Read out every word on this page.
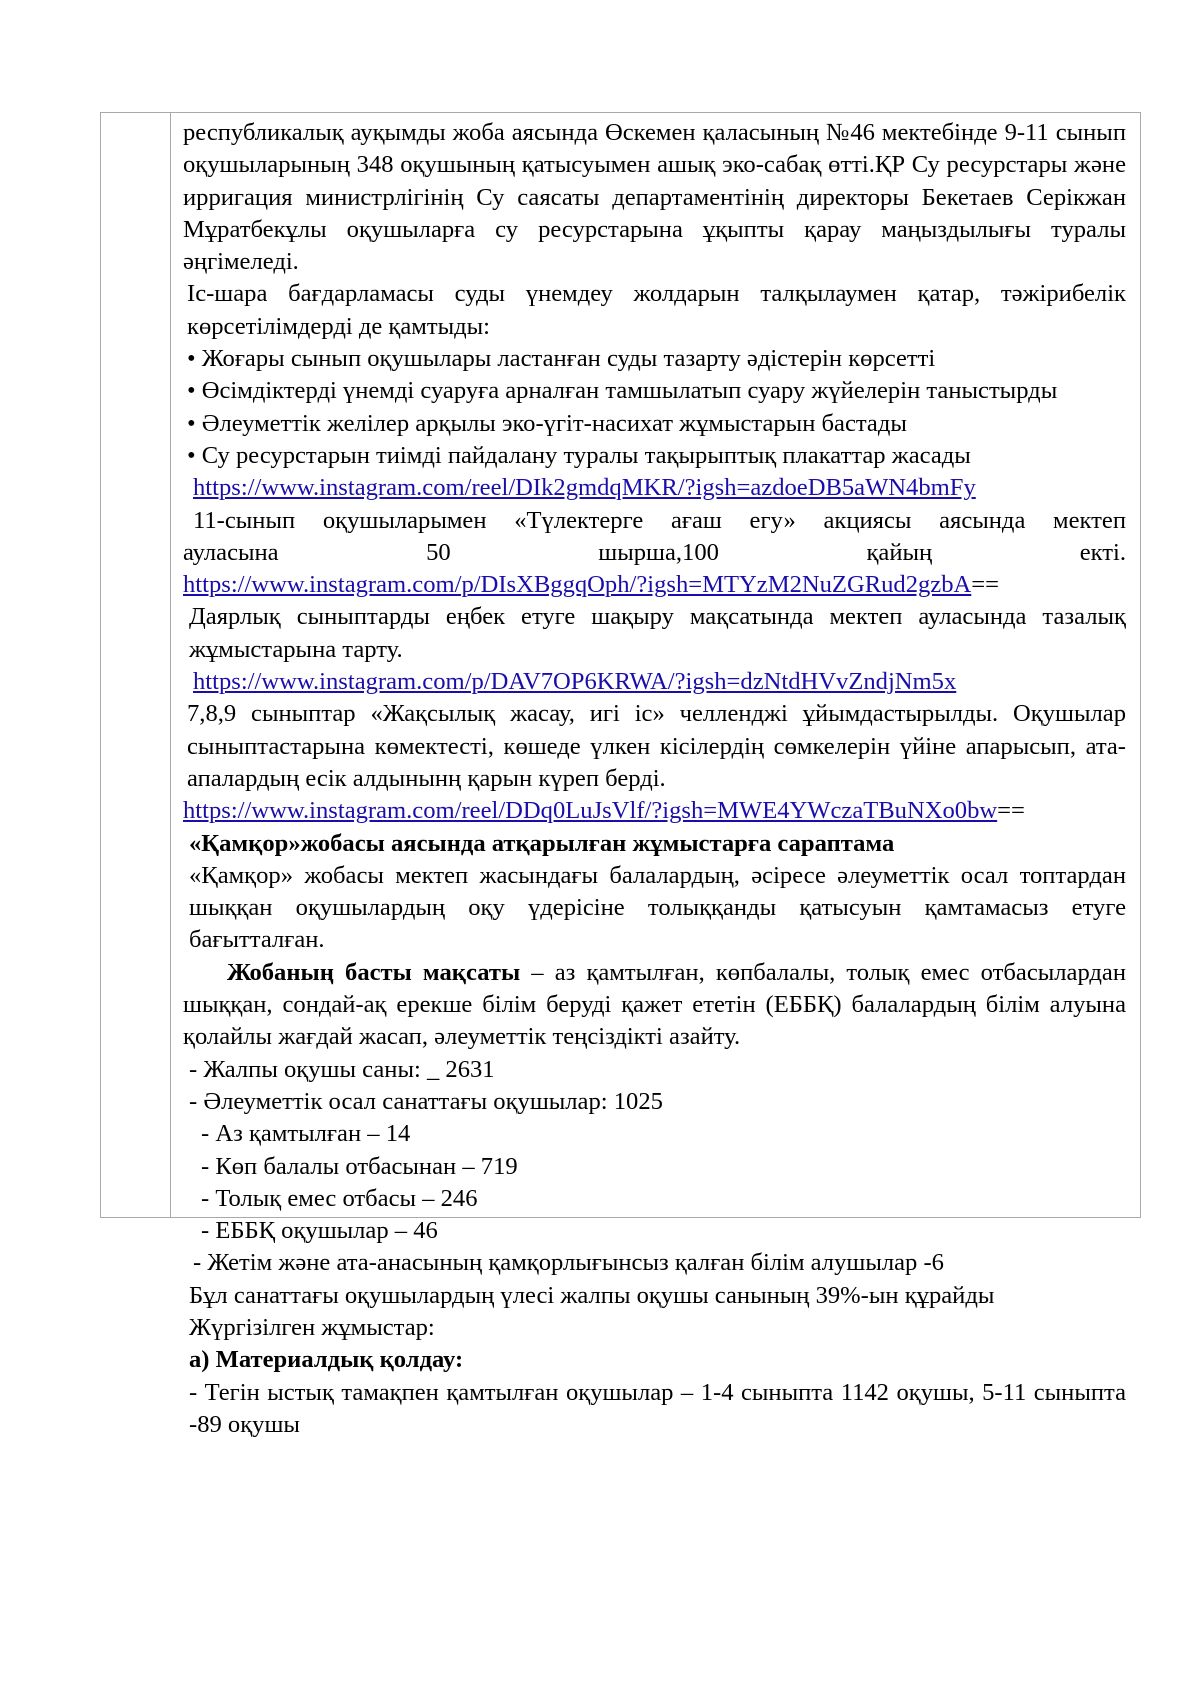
республикалық ауқымды жоба аясында Өскемен қаласының №46 мектебінде 9-11 сынып оқушыларының 348 оқушының қатысуымен ашық эко-сабақ өтті.ҚР Су ресурстары және ирригация министрлігінің Су саясаты департаментінің директоры Бекетаев Серікжан Мұратбекұлы оқушыларға су ресурстарына ұқыпты қарау маңыздылығы туралы әңгімеледі.

Іс-шара бағдарламасы суды үнемдеу жолдарын талқылаумен қатар, тәжірибелік көрсетілімдерді де қамтыды:

• Жоғары сынып оқушылары ластанған суды тазарту әдістерін көрсетті

• Өсімдіктерді үнемді суаруға арналған тамшылатып суару жүйелерін таныстырды

• Әлеуметтік желілер арқылы эко-үгіт-насихат жұмыстарын бастады

• Су ресурстарын тиімді пайдалану туралы тақырыптық плакаттар жасады

https://www.instagram.com/reel/DIk2gmdqMKR/?igsh=azdoeDB5aWN4bmFy

11-сынып оқушыларымен «Түлектерге ағаш егу» акциясы аясында мектеп

ауласына 50 шырша,100 қайың екті.

https://www.instagram.com/p/DIsXBggqOph/?igsh=MTYzM2NuZGRud2gzbA==

Даярлық сыныптарды еңбек етуге шақыру мақсатында мектеп ауласында тазалық жұмыстарына тарту.

https://www.instagram.com/p/DAV7OP6KRWA/?igsh=dzNtdHVvZndjNm5x

7,8,9 сыныптар «Жақсылық жасау, игі іс» челленджі ұйымдастырылды. Оқушылар сыныптастарына көмектесті, көшеде үлкен кісілердің сөмкелерін үйіне апарысып, ата-апалардың есік алдынынң қарын күреп берді.

https://www.instagram.com/reel/DDq0LuJsVlf/?igsh=MWE4YWczaTBuNXo0bw==

«Қамқор»жобасы аясында атқарылған жұмыстарға сараптама

«Қамқор» жобасы мектеп жасындағы балалардың, әсіресе әлеуметтік осал топтардан шыққан оқушылардың оқу үдерісіне толыққанды қатысуын қамтамасыз етуге бағытталған.

Жобаның басты мақсаты – аз қамтылған, көпбалалы, толық емес отбасылардан шыққан, сондай-ақ ерекше білім беруді қажет ететін (ЕББҚ) балалардың білім алуына қолайлы жағдай жасап, әлеуметтік теңсіздікті азайту.

- Жалпы оқушы саны: _ 2631

- Әлеуметтік осал санаттағы оқушылар: 1025

- Аз қамтылған – 14

- Көп балалы отбасынан – 719

- Толық емес отбасы – 246

- ЕББҚ оқушылар – 46

- Жетім және ата-анасының қамқорлығынсыз қалған білім алушылар -6

Бұл санаттағы оқушылардың үлесі жалпы оқушы санының 39%-ын құрайды

Жүргізілген жұмыстар:

а) Материалдық қолдау:

- Тегін ыстық тамақпен қамтылған оқушылар – 1-4 сыныпта 1142 оқушы, 5-11 сыныпта -89 оқушы
